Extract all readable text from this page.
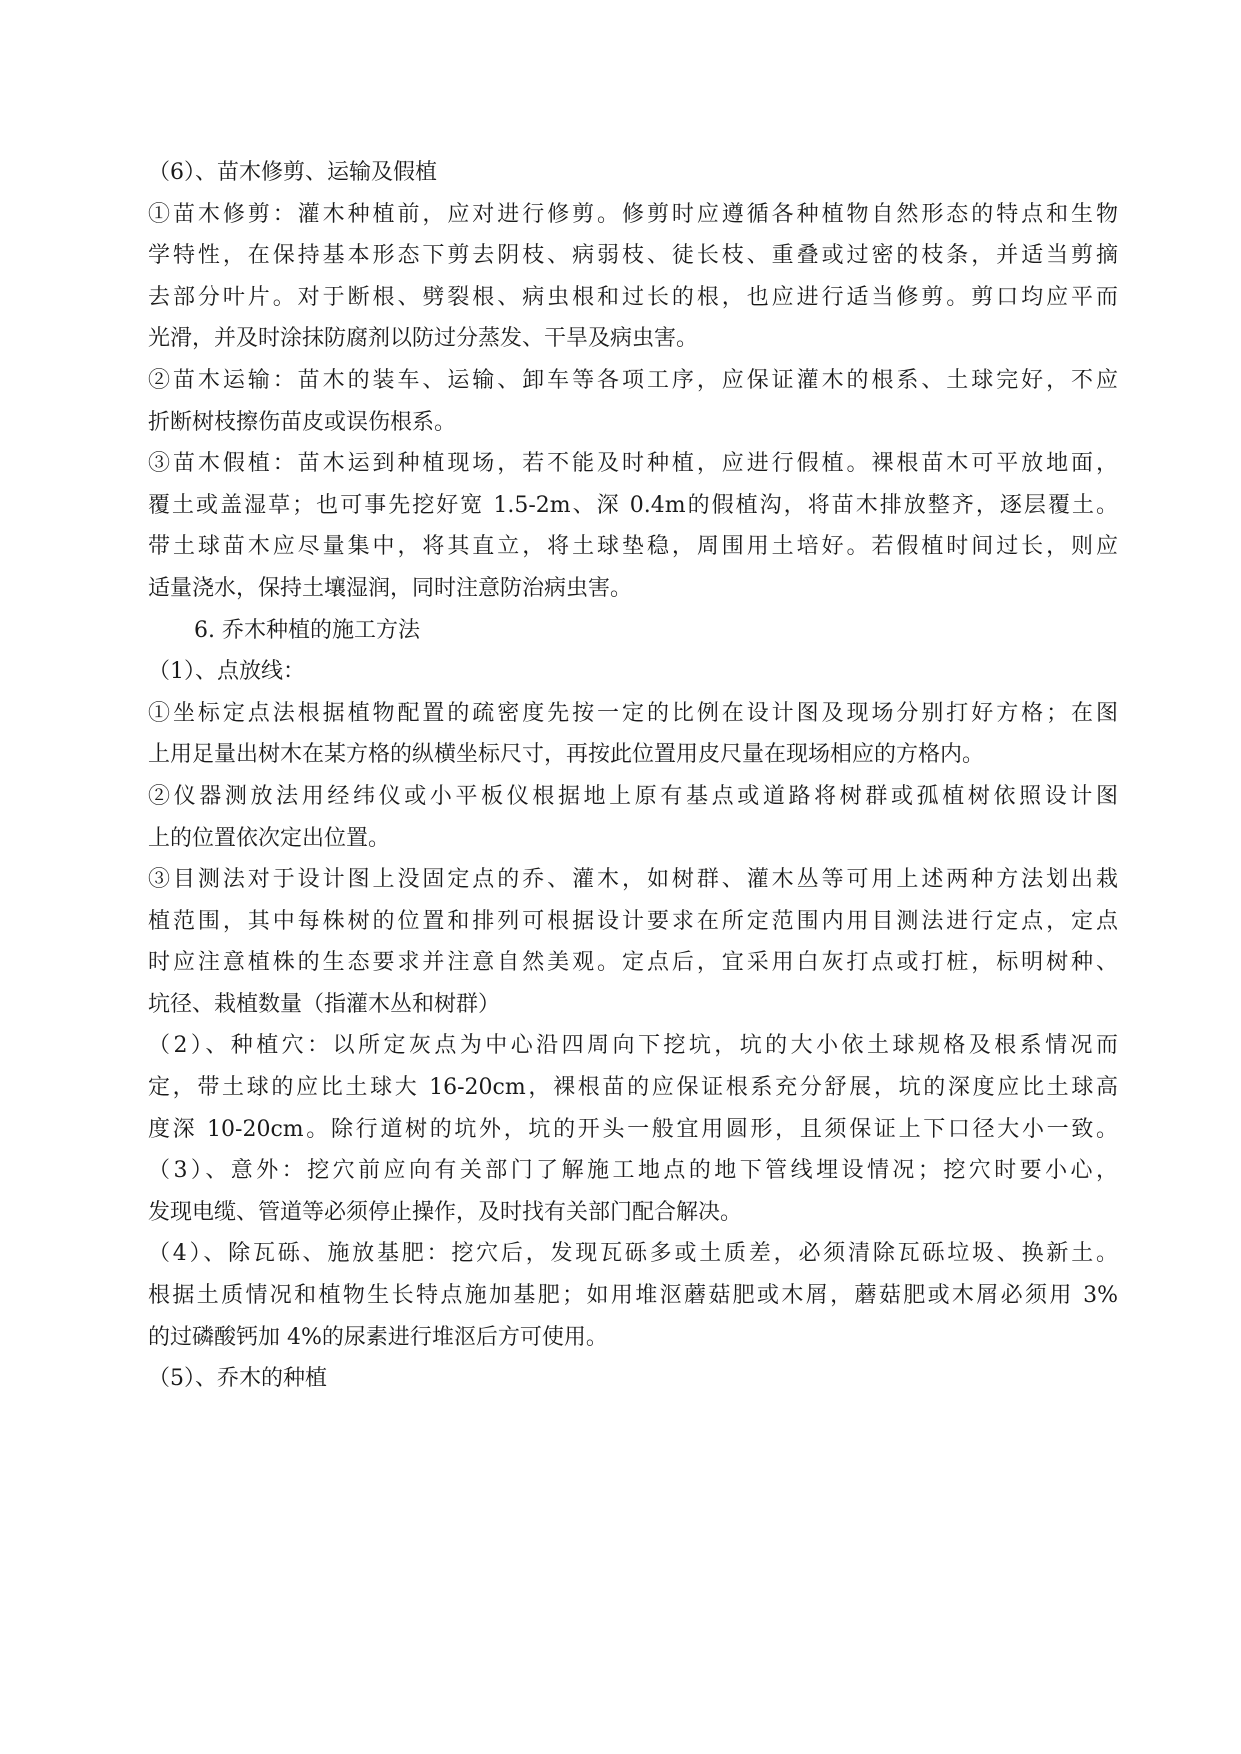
（6）、苗木修剪、运输及假植
①苗木修剪：灌木种植前，应对进行修剪。修剪时应遵循各种植物自然形态的特点和生物
学特性，在保持基本形态下剪去阴枝、病弱枝、徒长枝、重叠或过密的枝条，并适当剪摘
去部分叶片。对于断根、劈裂根、病虫根和过长的根，也应进行适当修剪。剪口均应平而
光滑，并及时涂抹防腐剂以防过分蒸发、干旱及病虫害。
②苗木运输：苗木的装车、运输、卸车等各项工序，应保证灌木的根系、土球完好，不应
折断树枝擦伤苗皮或误伤根系。
③苗木假植：苗木运到种植现场，若不能及时种植，应进行假植。裸根苗木可平放地面，
覆土或盖湿草；也可事先挖好宽 1.5-2m、深 0.4m的假植沟，将苗木排放整齐，逐层覆土。
带土球苗木应尽量集中，将其直立，将土球垫稳，周围用土培好。若假植时间过长，则应
适量浇水，保持土壤湿润，同时注意防治病虫害。
6. 乔木种植的施工方法
（1）、点放线：
①坐标定点法根据植物配置的疏密度先按一定的比例在设计图及现场分别打好方格；在图
上用足量出树木在某方格的纵横坐标尺寸，再按此位置用皮尺量在现场相应的方格内。
②仪器测放法用经纬仪或小平板仪根据地上原有基点或道路将树群或孤植树依照设计图
上的位置依次定出位置。
③目测法对于设计图上没固定点的乔、灌木，如树群、灌木丛等可用上述两种方法划出栽
植范围，其中每株树的位置和排列可根据设计要求在所定范围内用目测法进行定点，定点
时应注意植株的生态要求并注意自然美观。定点后，宜采用白灰打点或打桩，标明树种、
坑径、栽植数量（指灌木丛和树群）
（2）、种植穴：以所定灰点为中心沿四周向下挖坑，坑的大小依土球规格及根系情况而
定，带土球的应比土球大 16-20cm，裸根苗的应保证根系充分舒展，坑的深度应比土球高
度深 10-20cm。除行道树的坑外，坑的开头一般宜用圆形，且须保证上下口径大小一致。
（3）、意外：挖穴前应向有关部门了解施工地点的地下管线埋设情况；挖穴时要小心，
发现电缆、管道等必须停止操作，及时找有关部门配合解决。
（4）、除瓦砾、施放基肥：挖穴后，发现瓦砾多或土质差，必须清除瓦砾垃圾、换新土。
根据土质情况和植物生长特点施加基肥；如用堆沤蘑菇肥或木屑，蘑菇肥或木屑必须用 3%
的过磷酸钙加 4%的尿素进行堆沤后方可使用。
（5）、乔木的种植
